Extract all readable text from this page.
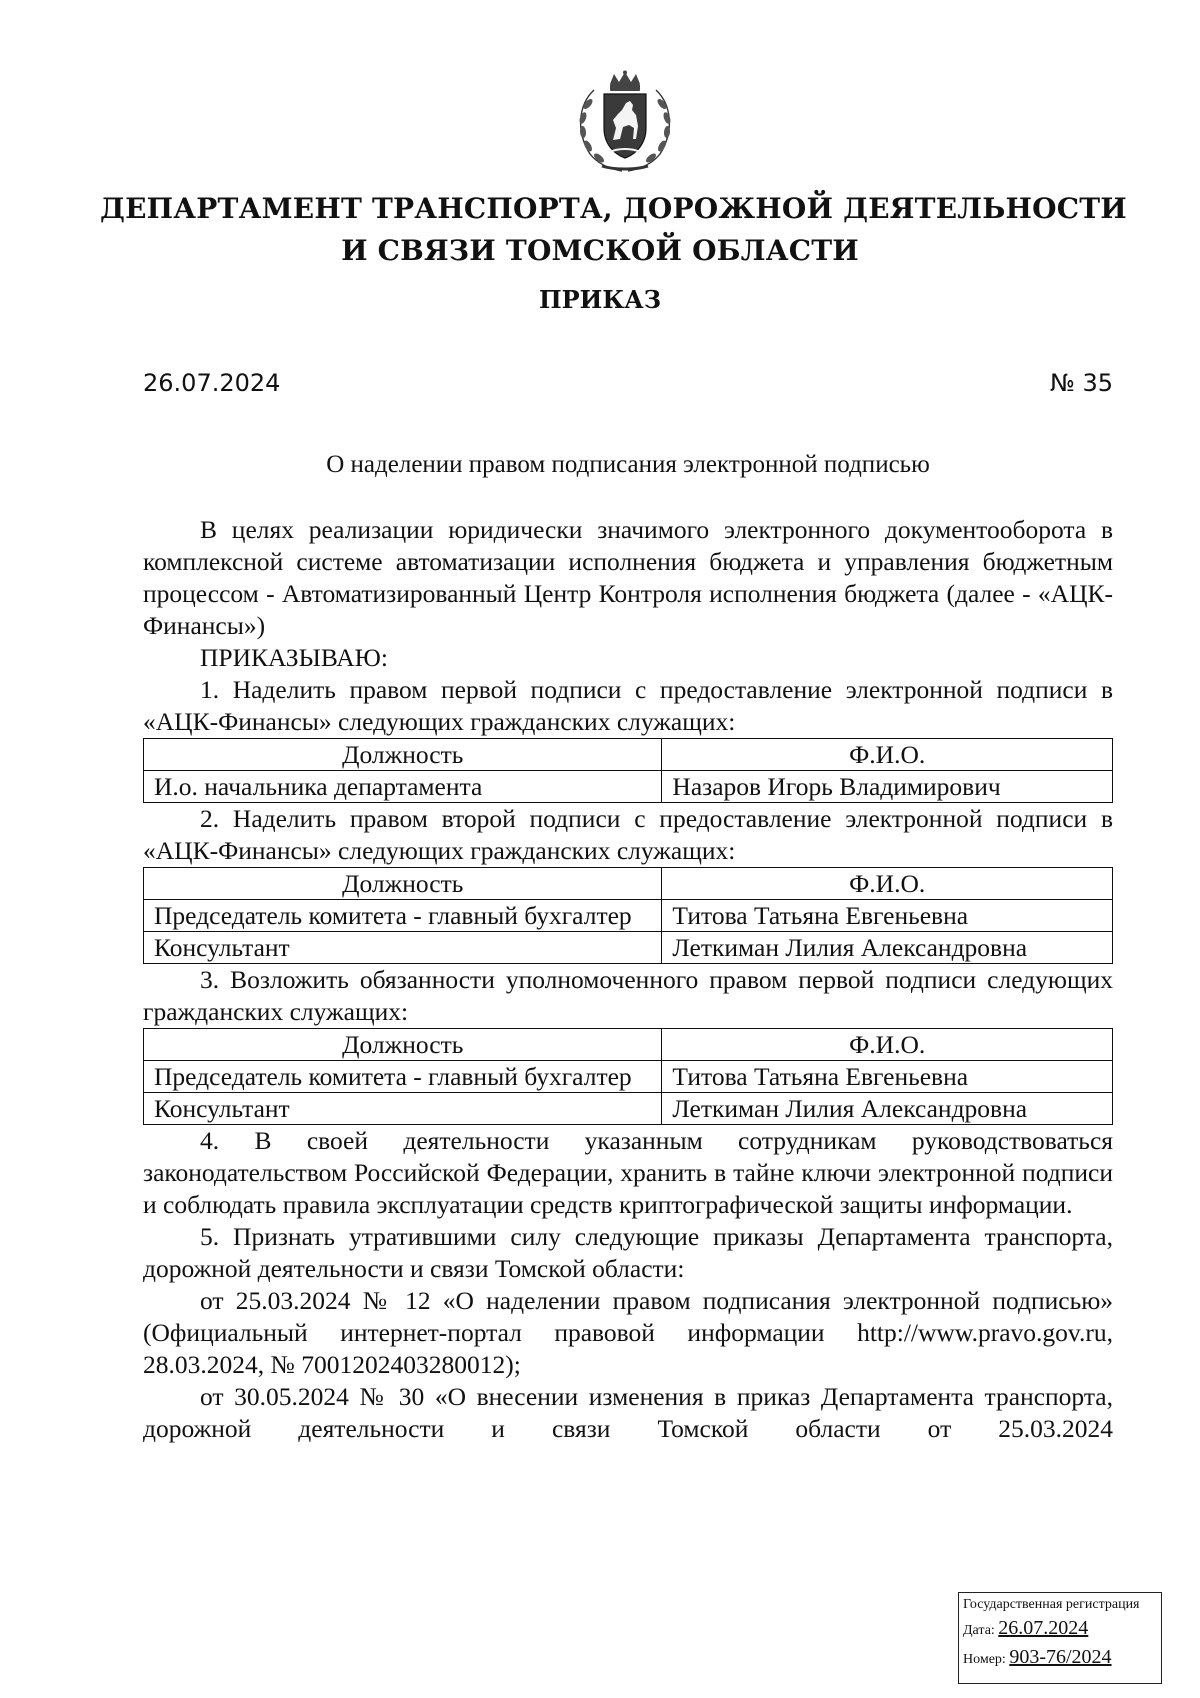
ДЕПАРТАМЕНТ ТРАНСПОРТА, ДОРОЖНОЙ ДЕЯТЕЛЬНОСТИ
И СВЯЗИ ТОМСКОЙ ОБЛАСТИ
ПРИКАЗ
26.07.2024	№ 35
О наделении правом подписания электронной подписью

В целях реализации юридически значимого электронного документооборота в комплексной системе автоматизации исполнения бюджета и управления бюджетным процессом - Автоматизированный Центр Контроля исполнения бюджета (далее - «АЦК-Финансы»)

ПРИКАЗЫВАЮ:

1. Наделить правом первой подписи с предоставление электронной подписи в «АЦК-Финансы» следующих гражданских служащих:

Должность	Ф.И.О.
И.о. начальника департамента	Назаров Игорь Владимирович

2. Наделить правом второй подписи с предоставление электронной подписи в «АЦК-Финансы» следующих гражданских служащих:

Должность	Ф.И.О.
Председатель комитета - главный бухгалтер	Титова Татьяна Евгеньевна
Консультант	Леткиман Лилия Александровна

3. Возложить обязанности уполномоченного правом первой подписи следующих гражданских служащих:

Должность	Ф.И.О.
Председатель комитета - главный бухгалтер	Титова Татьяна Евгеньевна
Консультант	Леткиман Лилия Александровна

4. В своей деятельности указанным сотрудникам руководствоваться законодательством Российской Федерации, хранить в тайне ключи электронной подписи и соблюдать правила эксплуатации средств криптографической защиты информации.

5. Признать утратившими силу следующие приказы Департамента транспорта, дорожной деятельности и связи Томской области:

от 25.03.2024 № 12 «О наделении правом подписания электронной подписью» (Официальный интернет-портал правовой информации http://www.pravo.gov.ru, 28.03.2024, № 7001202403280012);

от 30.05.2024 № 30 «О внесении изменения в приказ Департамента транспорта, дорожной деятельности и связи Томской области от 25.03.2024

Государственная регистрация
Дата: 26.07.2024
Номер: 903-76/2024
